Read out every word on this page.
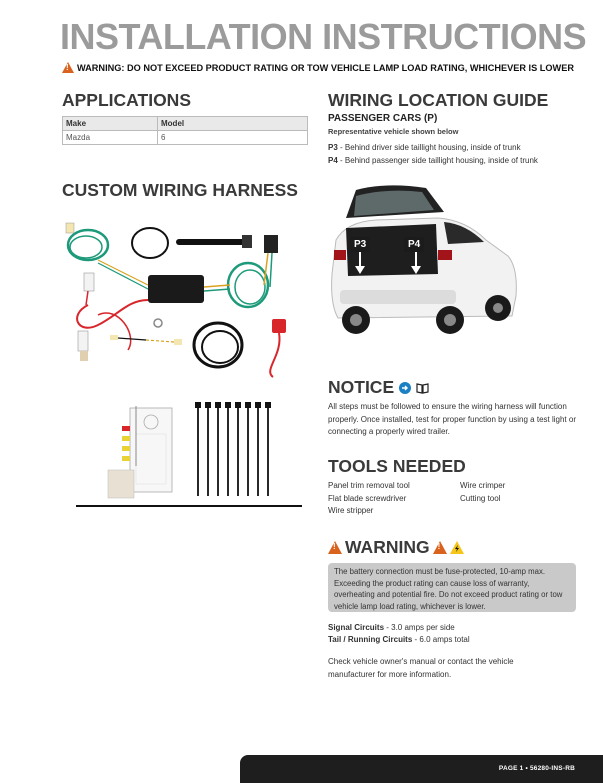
INSTALLATION INSTRUCTIONS
!
WARNING: DO NOT EXCEED PRODUCT RATING OR TOW VEHICLE LAMP LOAD RATING, WHICHEVER IS LOWER
APPLICATIONS
Make	Model
Mazda	6
CUSTOM WIRING HARNESS
WIRING LOCATION GUIDE
PASSENGER CARS (P)
Representative vehicle shown below
P3 - Behind driver side taillight housing, inside of trunk
P4 - Behind passenger side taillight housing, inside of trunk
P3	P4
NOTICE
All steps must be followed to ensure the wiring harness will function properly. Once installed, test for proper function by using a test light or connecting a properly wired trailer.
TOOLS NEEDED
Panel trim removal tool
Flat blade screwdriver
Wire stripper
Wire crimper
Cutting tool
!
WARNING
!
The battery connection must be fuse-protected, 10-amp max. Exceeding the product rating can cause loss of warranty, overheating and potential fire. Do not exceed product rating or tow vehicle lamp load rating, whichever is lower.
Signal Circuits - 3.0 amps per side
Tail / Running Circuits - 6.0 amps total
Check vehicle owner's manual or contact the vehicle manufacturer for more information.
PAGE 1 • 56280-INS-RB
